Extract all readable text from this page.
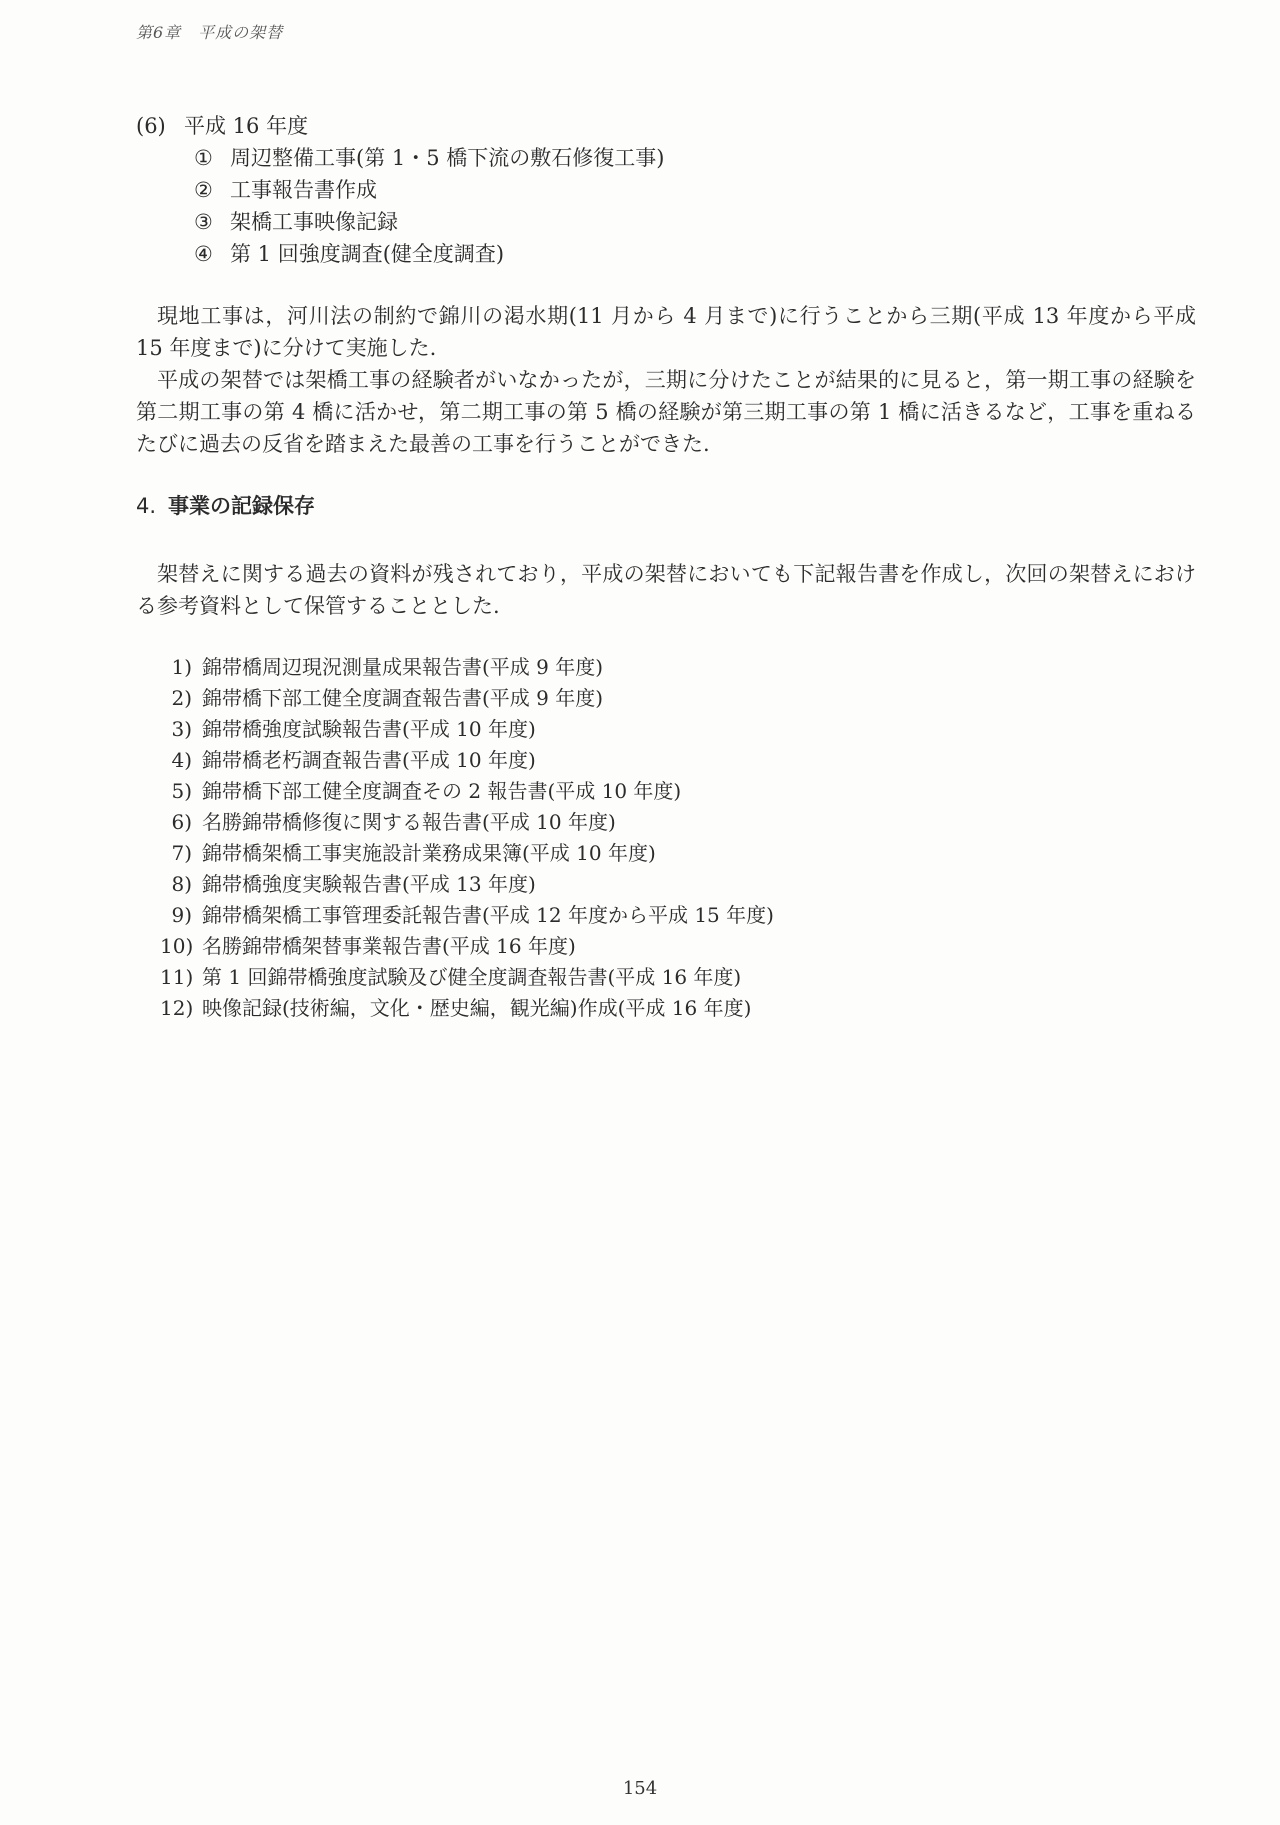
第6章　平成の架替
(6) 平成 16 年度
① 周辺整備工事(第 1・5 橋下流の敷石修復工事)
② 工事報告書作成
③ 架橋工事映像記録
④ 第 1 回強度調査(健全度調査)

現地工事は，河川法の制約で錦川の渇水期(11 月から 4 月まで)に行うことから三期(平成 13 年度から平成 15 年度まで)に分けて実施した.

平成の架替では架橋工事の経験者がいなかったが，三期に分けたことが結果的に見ると，第一期工事の経験を第二期工事の第 4 橋に活かせ，第二期工事の第 5 橋の経験が第三期工事の第 1 橋に活きるなど，工事を重ねるたびに過去の反省を踏まえた最善の工事を行うことができた.

4. 事業の記録保存

架替えに関する過去の資料が残されており，平成の架替においても下記報告書を作成し，次回の架替えにおける参考資料として保管することとした.

1) 錦帯橋周辺現況測量成果報告書(平成 9 年度)
2) 錦帯橋下部工健全度調査報告書(平成 9 年度)
3) 錦帯橋強度試験報告書(平成 10 年度)
4) 錦帯橋老朽調査報告書(平成 10 年度)
5) 錦帯橋下部工健全度調査その 2 報告書(平成 10 年度)
6) 名勝錦帯橋修復に関する報告書(平成 10 年度)
7) 錦帯橋架橋工事実施設計業務成果簿(平成 10 年度)
8) 錦帯橋強度実験報告書(平成 13 年度)
9) 錦帯橋架橋工事管理委託報告書(平成 12 年度から平成 15 年度)
10) 名勝錦帯橋架替事業報告書(平成 16 年度)
11) 第 1 回錦帯橋強度試験及び健全度調査報告書(平成 16 年度)
12) 映像記録(技術編，文化・歴史編，観光編)作成(平成 16 年度)
154
